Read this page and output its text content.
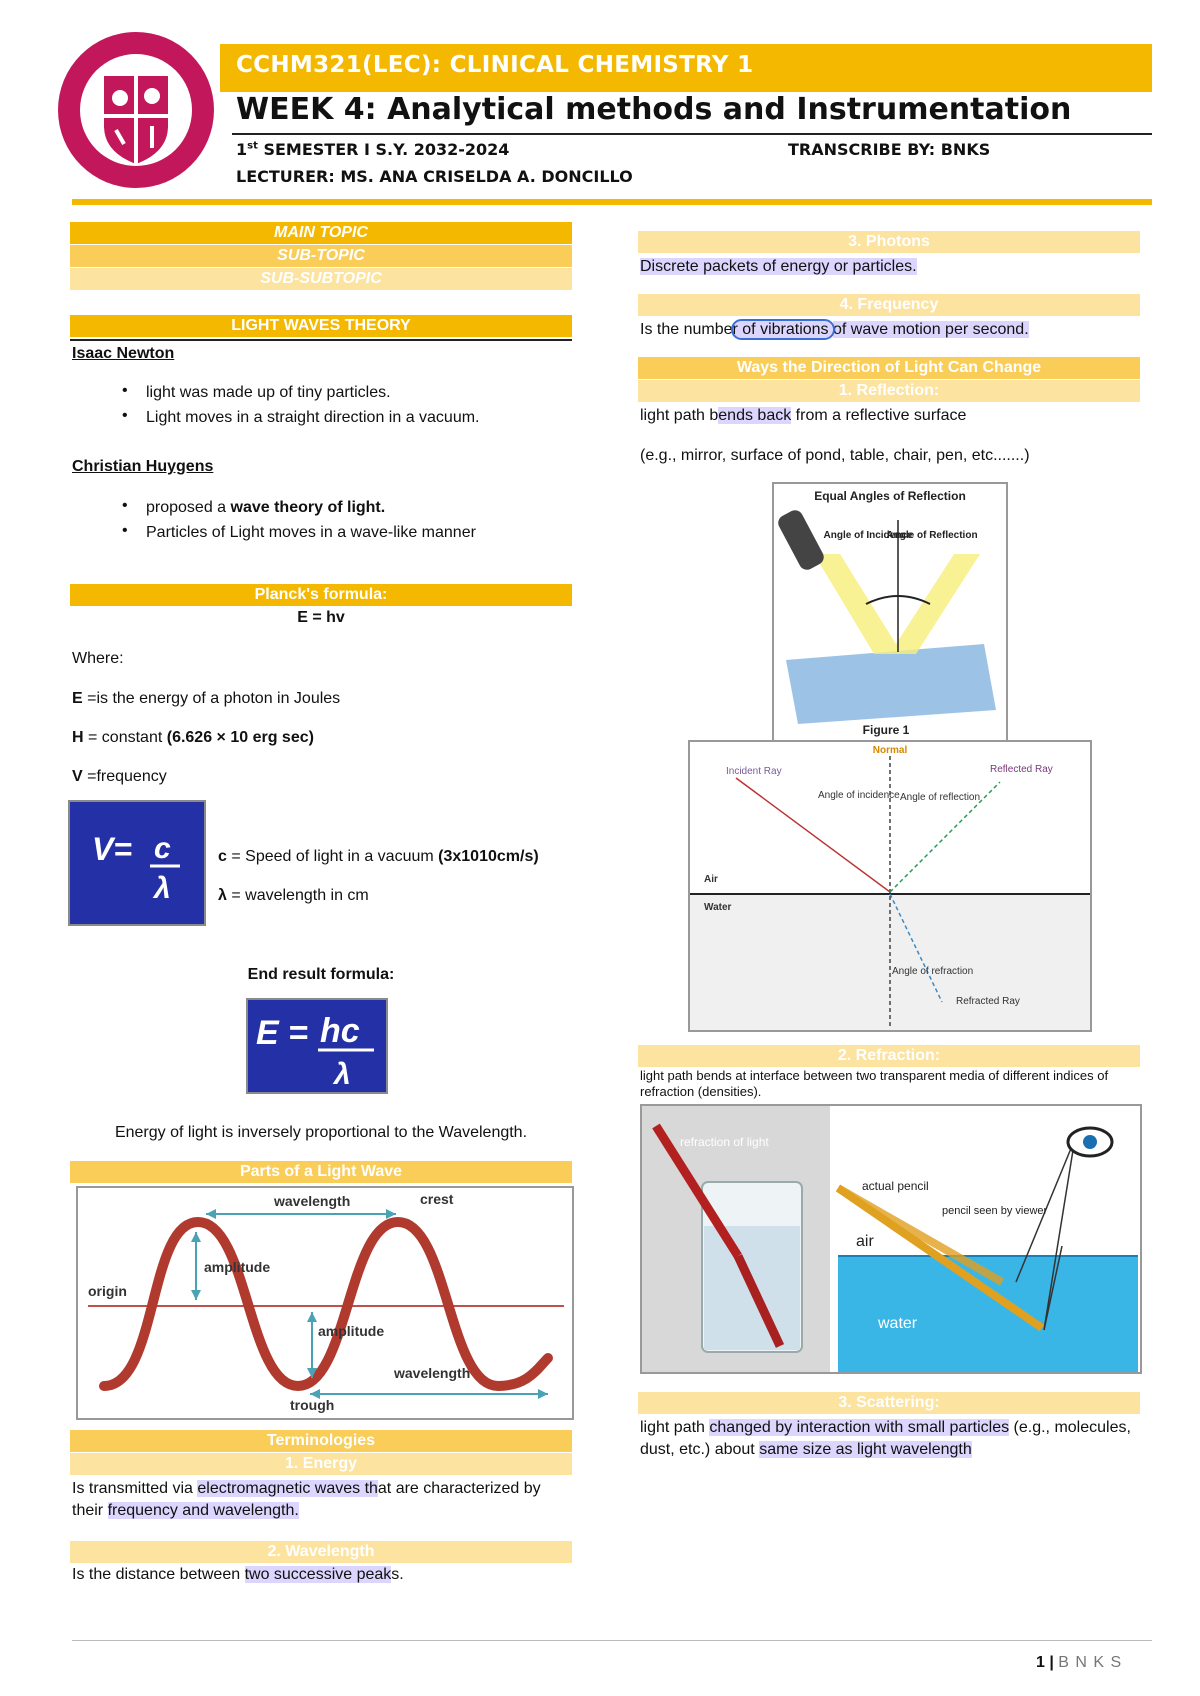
CCHM321(LEC): CLINICAL CHEMISTRY 1
WEEK 4: Analytical methods and Instrumentation
1st SEMESTER I S.Y. 2032-2024	TRANSCRIBE BY: BNKS
LECTURER: MS. ANA CRISELDA A. DONCILLO
MAIN TOPIC
SUB-TOPIC
SUB-SUBTOPIC
LIGHT WAVES THEORY
Isaac Newton
• light was made up of tiny particles.
• Light moves in a straight direction in a vacuum.
Christian Huygens
• proposed a wave theory of light.
• Particles of Light moves in a wave-like manner
Planck's formula:
E = hv
Where:
E =is the energy of a photon in Joules
H = constant (6.626 × 10 erg sec)
V =frequency
V= c
λ
c = Speed of light in a vacuum (3x1010cm/s)
λ = wavelength in cm
End result formula:
E = hc
λ
Energy of light is inversely proportional to the Wavelength.
Parts of a Light Wave
wavelength	crest
amplitude
origin
amplitude
wavelength
trough
Terminologies
1. Energy
Is transmitted via electromagnetic waves that are characterized by their frequency and wavelength.
2. Wavelength
Is the distance between two successive peaks.
3. Photons
Discrete packets of energy or particles.
4. Frequency
Is the number of vibrations of wave motion per second.
Ways the Direction of Light Can Change
1. Reflection:
light path bends back from a reflective surface
(e.g., mirror, surface of pond, table, chair, pen, etc.......)
Equal Angles of Reflection
Angle of Incidence
Angle of Reflection
Figure 1
Normal
Incident Ray	Reflected Ray
Angle of incidence Angle of reflection
Air
Water
Angle of refraction
Refracted Ray
2. Refraction:
light path bends at interface between two transparent media of different indices of refraction (densities).
refraction of light
actual pencil
pencil seen by viewer
air
water
3. Scattering:
light path changed by interaction with small particles (e.g., molecules, dust, etc.) about same size as light wavelength
1 | B N K S
